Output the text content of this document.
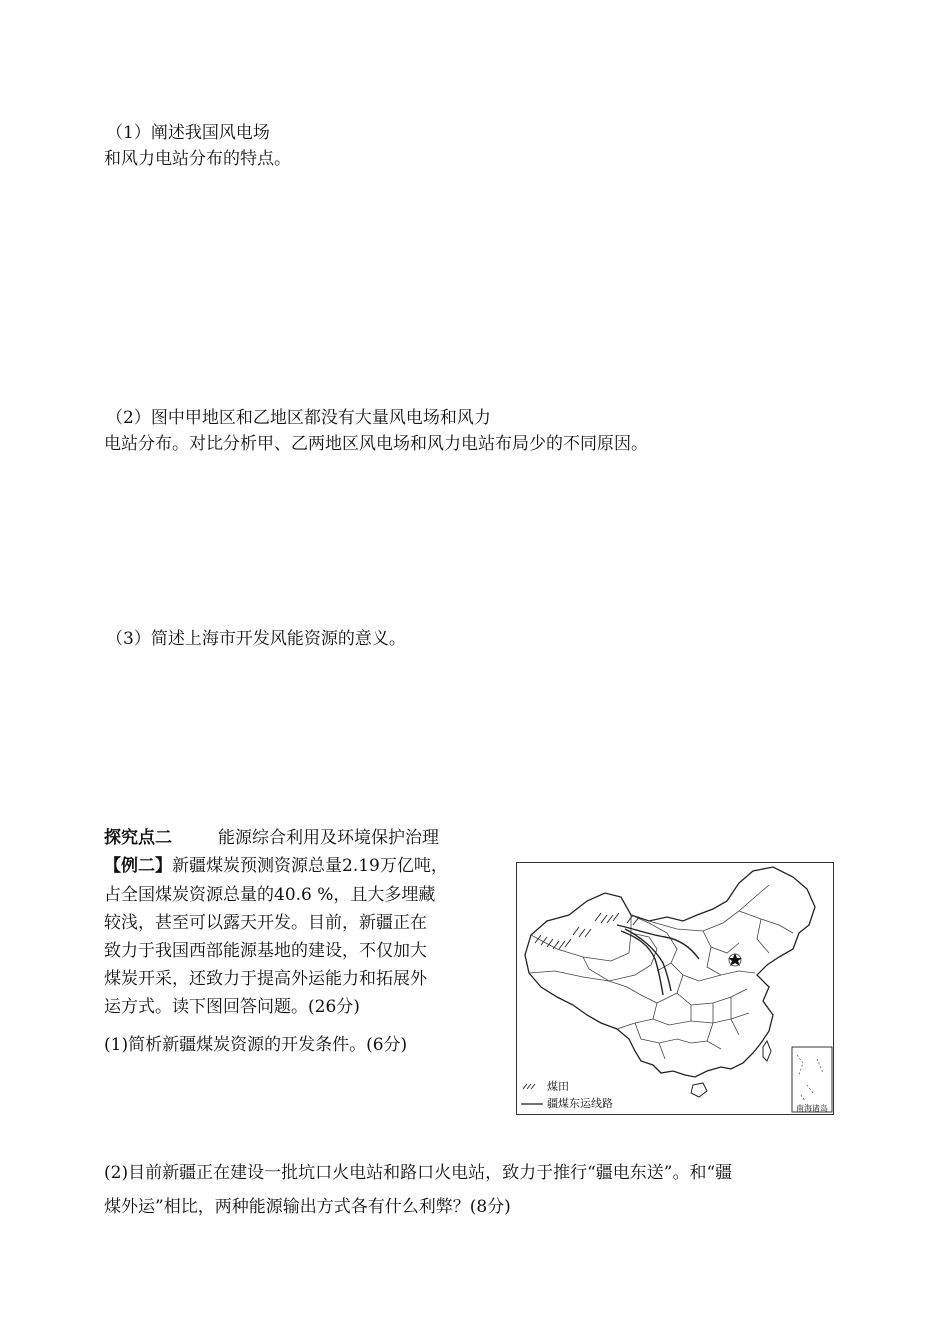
（1）阐述我国风电场
和风力电站分布的特点。
（2）图中甲地区和乙地区都没有大量风电场和风力
电站分布。对比分析甲、乙两地区风电场和风力电站布局少的不同原因。
（3）简述上海市开发风能资源的意义。
探究点二	能源综合利用及环境保护治理
【例二】新疆煤炭预测资源总量2.19万亿吨，
占全国煤炭资源总量的40.6 %，且大多埋藏
较浅，甚至可以露天开发。目前，新疆正在
致力于我国西部能源基地的建设，不仅加大
煤炭开采，还致力于提高外运能力和拓展外
运方式。读下图回答问题。(26分)
(1)简析新疆煤炭资源的开发条件。(6分)
煤田
疆煤东运线路	南海诸岛
(2)目前新疆正在建设一批坑口火电站和路口火电站，致力于推行“疆电东送”。和“疆
煤外运”相比，两种能源输出方式各有什么利弊？(8分)
